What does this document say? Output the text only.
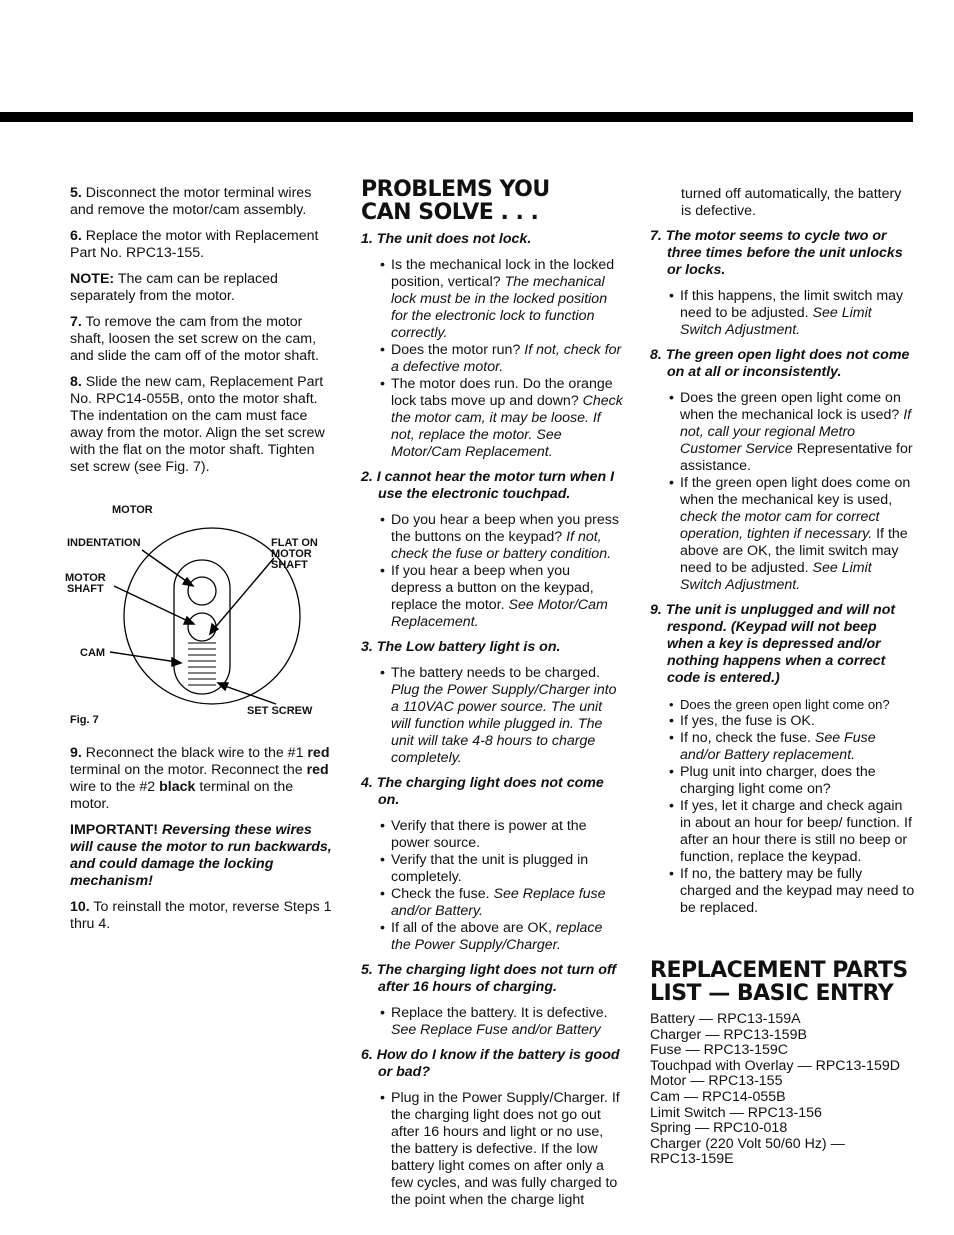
5. Disconnect the motor terminal wires and remove the motor/cam assembly.

6. Replace the motor with Replacement Part No. RPC13-155.

NOTE: The cam can be replaced separately from the motor.

7. To remove the cam from the motor shaft, loosen the set screw on the cam, and slide the cam off of the motor shaft.

8. Slide the new cam, Replacement Part No. RPC14-055B, onto the motor shaft. The indentation on the cam must face away from the motor. Align the set screw with the flat on the motor shaft. Tighten set screw (see Fig. 7).

MOTOR
INDENTATION	FLAT ON
MOTOR
SHAFT
MOTOR
SHAFT
CAM
SET SCREW
Fig. 7

9. Reconnect the black wire to the #1 red terminal on the motor. Reconnect the red wire to the #2 black terminal on the motor.

IMPORTANT! Reversing these wires will cause the motor to run backwards, and could damage the locking mechanism!

10. To reinstall the motor, reverse Steps 1 thru 4.

PROBLEMS YOU
CAN SOLVE . . .

1. The unit does not lock.

• Is the mechanical lock in the locked position, vertical? The mechanical lock must be in the locked position for the electronic lock to function correctly.
• Does the motor run? If not, check for a defective motor.
• The motor does run. Do the orange lock tabs move up and down? Check the motor cam, it may be loose. If not, replace the motor. See Motor/Cam Replacement.

2. I cannot hear the motor turn when I use the electronic touchpad.

• Do you hear a beep when you press the buttons on the keypad? If not, check the fuse or battery condition.
• If you hear a beep when you depress a button on the keypad, replace the motor. See Motor/Cam Replacement.

3. The Low battery light is on.

• The battery needs to be charged. Plug the Power Supply/Charger into a 110VAC power source. The unit will function while plugged in. The unit will take 4-8 hours to charge completely.

4. The charging light does not come on.

• Verify that there is power at the power source.
• Verify that the unit is plugged in completely.
• Check the fuse. See Replace fuse and/or Battery.
• If all of the above are OK, replace the Power Supply/Charger.

5. The charging light does not turn off after 16 hours of charging.

• Replace the battery. It is defective. See Replace Fuse and/or Battery

6. How do I know if the battery is good or bad?

• Plug in the Power Supply/Charger. If the charging light does not go out after 16 hours and light or no use, the battery is defective. If the low battery light comes on after only a few cycles, and was fully charged to the point when the charge light
turned off automatically, the battery is defective.

7. The motor seems to cycle two or three times before the unit unlocks or locks.

• If this happens, the limit switch may need to be adjusted. See Limit Switch Adjustment.

8. The green open light does not come on at all or inconsistently.

• Does the green open light come on when the mechanical lock is used? If not, call your regional Metro Customer Service Representative for assistance.
• If the green open light does come on when the mechanical key is used, check the motor cam for correct operation, tighten if necessary. If the above are OK, the limit switch may need to be adjusted. See Limit Switch Adjustment.

9. The unit is unplugged and will not respond. (Keypad will not beep when a key is depressed and/or nothing happens when a correct code is entered.)

• Does the green open light come on?
• If yes, the fuse is OK.
• If no, check the fuse. See Fuse and/or Battery replacement.
• Plug unit into charger, does the charging light come on?
• If yes, let it charge and check again in about an hour for beep/ function. If after an hour there is still no beep or function, replace the keypad.
• If no, the battery may be fully charged and the keypad may need to be replaced.
REPLACEMENT PARTS
LIST — BASIC ENTRY
Battery — RPC13-159A
Charger — RPC13-159B
Fuse — RPC13-159C
Touchpad with Overlay — RPC13-159D
Motor — RPC13-155
Cam — RPC14-055B
Limit Switch — RPC13-156
Spring — RPC10-018
Charger (220 Volt 50/60 Hz) —
RPC13-159E
